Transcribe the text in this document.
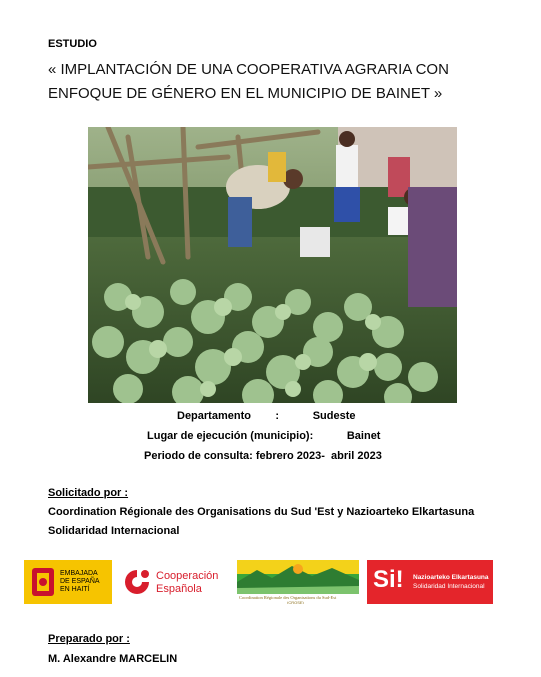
ESTUDIO
« IMPLANTACIÓN DE UNA COOPERATIVA AGRARIA CON ENFOQUE DE GÉNERO EN EL MUNICIPIO DE BAINET »
Departamento        :           Sudeste
Lugar de ejecución (municipio):           Bainet
Periodo de consulta: febrero 2023-  abril 2023
Solicitado por :
Coordination Régionale des Organisations du Sud 'Est y Nazioarteko Elkartasuna Solidaridad Internacional
EMBAJADA
DE ESPAÑA
EN HAITÍ
Cooperación
Española
Coordination Régionale des Organisations du Sud-Est
(CROSE)
Si! Nazioarteko Elkartasuna
Solidaridad Internacional
Preparado por :
M. Alexandre MARCELIN
